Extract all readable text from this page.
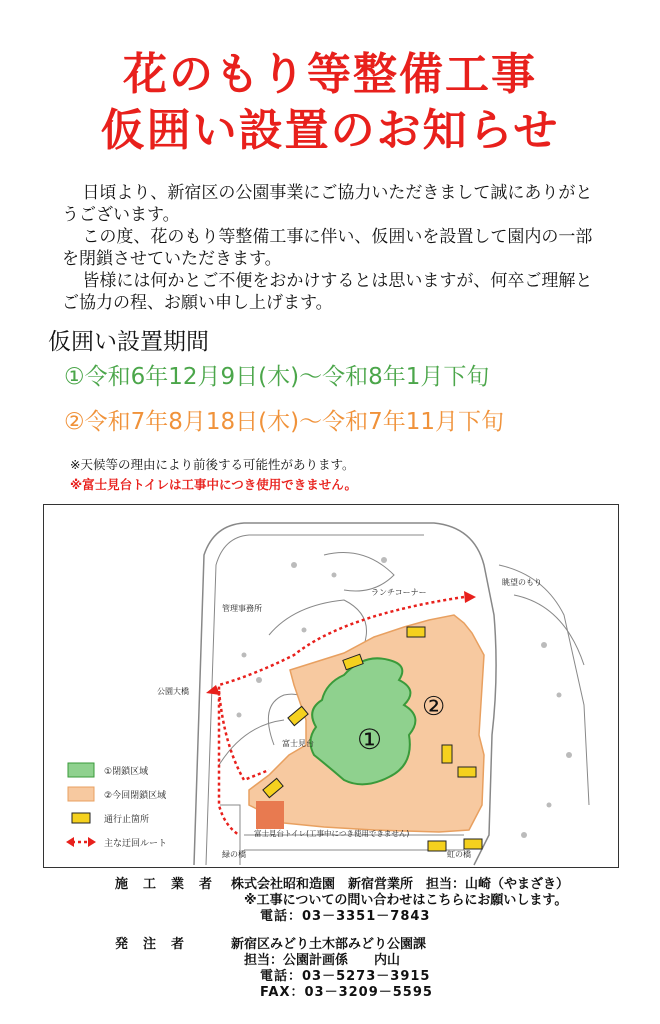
花のもり等整備工事
仮囲い設置のお知らせ

日頃より、新宿区の公園事業にご協力いただきまして誠にありがとうございます。

この度、花のもり等整備工事に伴い、仮囲いを設置して園内の一部を閉鎖させていただきます。

皆様には何かとご不便をおかけするとは思いますが、何卒ご理解とご協力の程、お願い申し上げます。

仮囲い設置期間
①令和6年12月9日(木)～令和8年1月下旬
②令和7年8月18日(木)～令和7年11月下旬
※天候等の理由により前後する可能性があります。
※富士見台トイレは工事中につき使用できません。
管理事務所
ランチコーナー
眺望のもり
公園大橋
富士見台
富士見台トイレ(工事中につき使用できません)
緑の橋	虹の橋
①
②
①閉鎖区域
②今回閉鎖区域
通行止箇所
主な迂回ルート
施　工　業　者 株式会社昭和造園　新宿営業所　担当：山崎（やまざき）
※工事についての問い合わせはこちらにお願いします。
電話：03－3351－7843
発　注　者	新宿区みどり土木部みどり公園課
担当：公園計画係　　内山
電話：03－5273－3915
FAX：03－3209－5595
